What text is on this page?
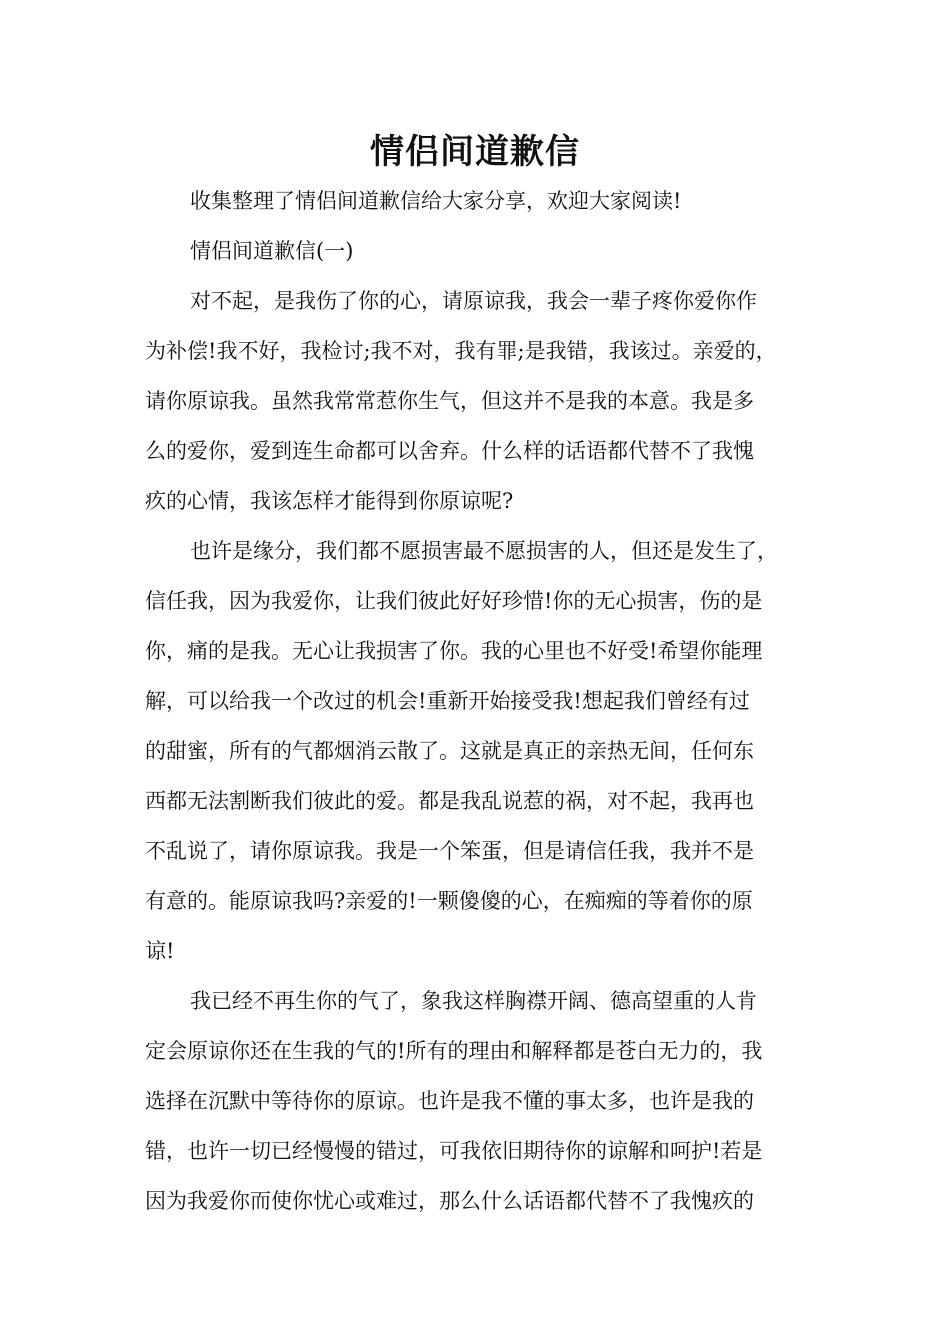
情侣间道歉信
收集整理了情侣间道歉信给大家分享，欢迎大家阅读!
情侣间道歉信(一)
对不起，是我伤了你的心，请原谅我，我会一辈子疼你爱你作
为补偿!我不好，我检讨;我不对，我有罪;是我错，我该过。亲爱的，
请你原谅我。虽然我常常惹你生气，但这并不是我的本意。我是多
么的爱你，爱到连生命都可以舍弃。什么样的话语都代替不了我愧
疚的心情，我该怎样才能得到你原谅呢?
也许是缘分，我们都不愿损害最不愿损害的人，但还是发生了，
信任我，因为我爱你，让我们彼此好好珍惜!你的无心损害，伤的是
你，痛的是我。无心让我损害了你。我的心里也不好受!希望你能理
解，可以给我一个改过的机会!重新开始接受我!想起我们曾经有过
的甜蜜，所有的气都烟消云散了。这就是真正的亲热无间，任何东
西都无法割断我们彼此的爱。都是我乱说惹的祸，对不起，我再也
不乱说了，请你原谅我。我是一个笨蛋，但是请信任我，我并不是
有意的。能原谅我吗?亲爱的!一颗傻傻的心，在痴痴的等着你的原
谅!
我已经不再生你的气了，象我这样胸襟开阔、德高望重的人肯
定会原谅你还在生我的气的!所有的理由和解释都是苍白无力的，我
选择在沉默中等待你的原谅。也许是我不懂的事太多，也许是我的
错，也许一切已经慢慢的错过，可我依旧期待你的谅解和呵护!若是
因为我爱你而使你忧心或难过，那么什么话语都代替不了我愧疚的
